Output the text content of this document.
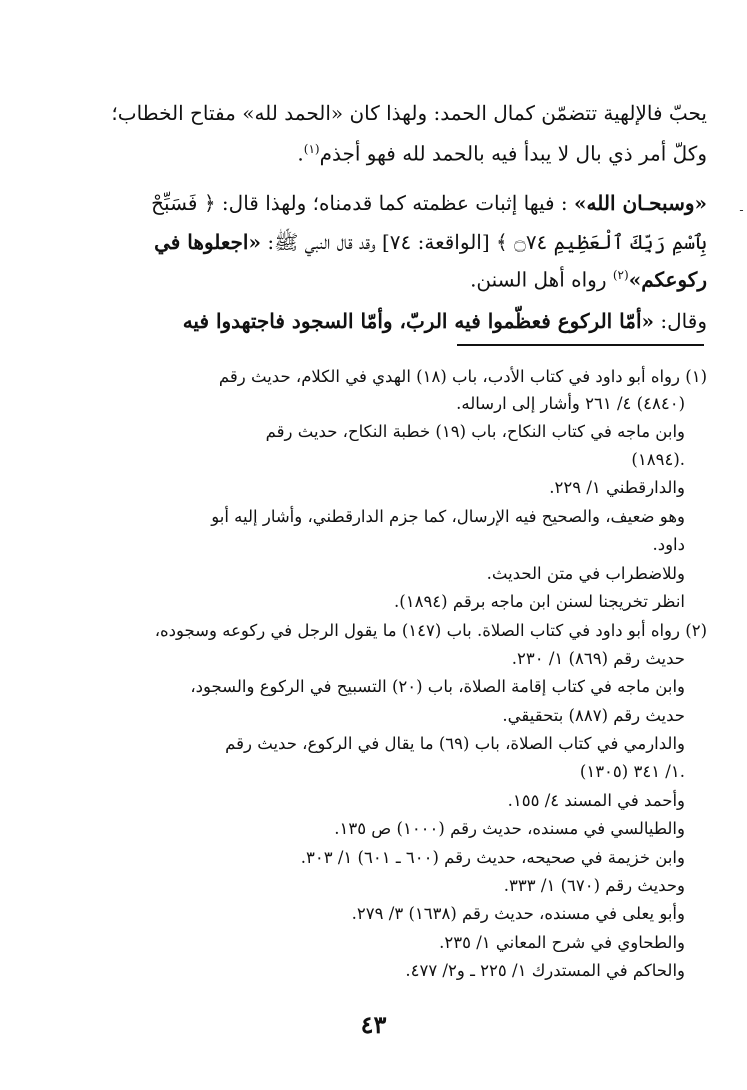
يحبّ فالإلهية تتضمّن كمال الحمد: ولهذا كان «الحمد لله» مفتاح الخطاب؛
وكلّ أمر ذي بال لا يبدأ فيه بالحمد لله فهو أجذم$^{(١)}$.
«وسبحـان الله» : فيها إثبات عظمته كما قدمناه؛ ولهذا قال: ﴿ فَسَبِّحْ
بِٱسْمِ رَبِّكَ ٱلْعَظِيمِ ۝٧٤ ﴾ [الواقعة: ٧٤] وقد قال النبي ﷺ: «اجعلوها في
ركوعكم»$^{(٢)}$ رواه أهل السنن.
وقال: «أمّا الركوع فعظّموا فيه الربّ، وأمّا السجود فاجتهدوا فيه
(١) رواه أبو داود في كتاب الأدب، باب (١٨) الهدي في الكلام، حديث رقم
(٤٨٤٠) ٤/ ٢٦١ وأشار إلى ارساله.
وابن ماجه في كتاب النكاح، باب (١٩) خطبة النكاح، حديث رقم
(١٨٩٤).
والدارقطني ١/ ٢٢٩.
وهو ضعيف، والصحيح فيه الإرسال، كما جزم الدارقطني، وأشار إليه أبو
داود.
وللاضطراب في متن الحديث.
انظر تخريجنا لسنن ابن ماجه برقم (١٨٩٤).
(٢) رواه أبو داود في كتاب الصلاة. باب (١٤٧) ما يقول الرجل في ركوعه وسجوده،
حديث رقم (٨٦٩) ١/ ٢٣٠.
وابن ماجه في كتاب إقامة الصلاة، باب (٢٠) التسبيح في الركوع والسجود،
حديث رقم (٨٨٧) بتحقيقي.
والدارمي في كتاب الصلاة، باب (٦٩) ما يقال في الركوع، حديث رقم
(١٣٠٥) ١/ ٣٤١.
وأحمد في المسند ٤/ ١٥٥.
والطيالسي في مسنده، حديث رقم (١٠٠٠) ص ١٣٥.
وابن خزيمة في صحيحه، حديث رقم (٦٠٠ ـ ٦٠١) ١/ ٣٠٣.
وحديث رقم (٦٧٠) ١/ ٣٣٣.
وأبو يعلى في مسنده، حديث رقم (١٦٣٨) ٣/ ٢٧٩.
والطحاوي في شرح المعاني ١/ ٢٣٥.
والحاكم في المستدرك ١/ ٢٢٥ ـ و٢/ ٤٧٧.
٤٣
ـ
